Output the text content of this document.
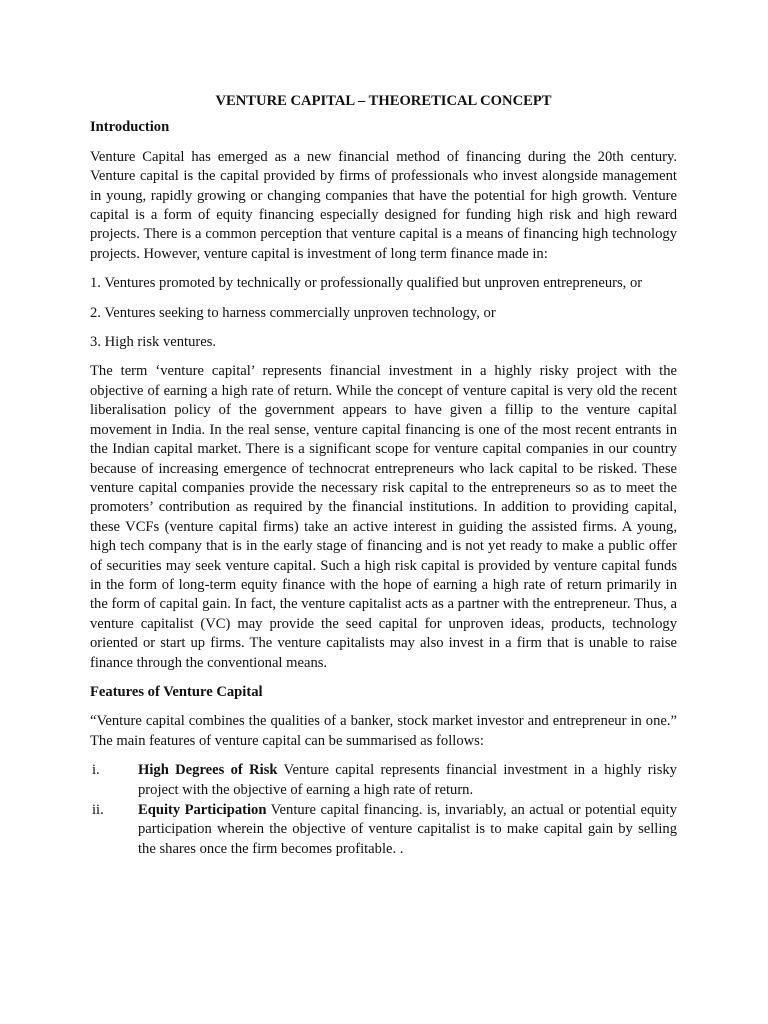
VENTURE CAPITAL – THEORETICAL CONCEPT
Introduction

Venture Capital has emerged as a new financial method of financing during the 20th century. Venture capital is the capital provided by firms of professionals who invest alongside management in young, rapidly growing or changing companies that have the potential for high growth. Venture capital is a form of equity financing especially designed for funding high risk and high reward projects. There is a common perception that venture capital is a means of financing high technology projects. However, venture capital is investment of long term finance made in:

1. Ventures promoted by technically or professionally qualified but unproven entrepreneurs, or

2. Ventures seeking to harness commercially unproven technology, or

3. High risk ventures.

The term ‘venture capital’ represents financial investment in a highly risky project with the objective of earning a high rate of return. While the concept of venture capital is very old the recent liberalisation policy of the government appears to have given a fillip to the venture capital movement in India. In the real sense, venture capital financing is one of the most recent entrants in the Indian capital market. There is a significant scope for venture capital companies in our country because of increasing emergence of technocrat entrepreneurs who lack capital to be risked. These venture capital companies provide the necessary risk capital to the entrepreneurs so as to meet the promoters’ contribution as required by the financial institutions. In addition to providing capital, these VCFs (venture capital firms) take an active interest in guiding the assisted firms. A young, high tech company that is in the early stage of financing and is not yet ready to make a public offer of securities may seek venture capital. Such a high risk capital is provided by venture capital funds in the form of long-term equity finance with the hope of earning a high rate of return primarily in the form of capital gain. In fact, the venture capitalist acts as a partner with the entrepreneur. Thus, a venture capitalist (VC) may provide the seed capital for unproven ideas, products, technology oriented or start up firms. The venture capitalists may also invest in a firm that is unable to raise finance through the conventional means.

Features of Venture Capital

“Venture capital combines the qualities of a banker, stock market investor and entrepreneur in one.” The main features of venture capital can be summarised as follows:

i.	High Degrees of Risk Venture capital represents financial investment in a highly risky project with the objective of earning a high rate of return.
ii. Equity Participation Venture capital financing. is, invariably, an actual or potential equity participation wherein the objective of venture capitalist is to make capital gain by selling the shares once the firm becomes profitable. .
